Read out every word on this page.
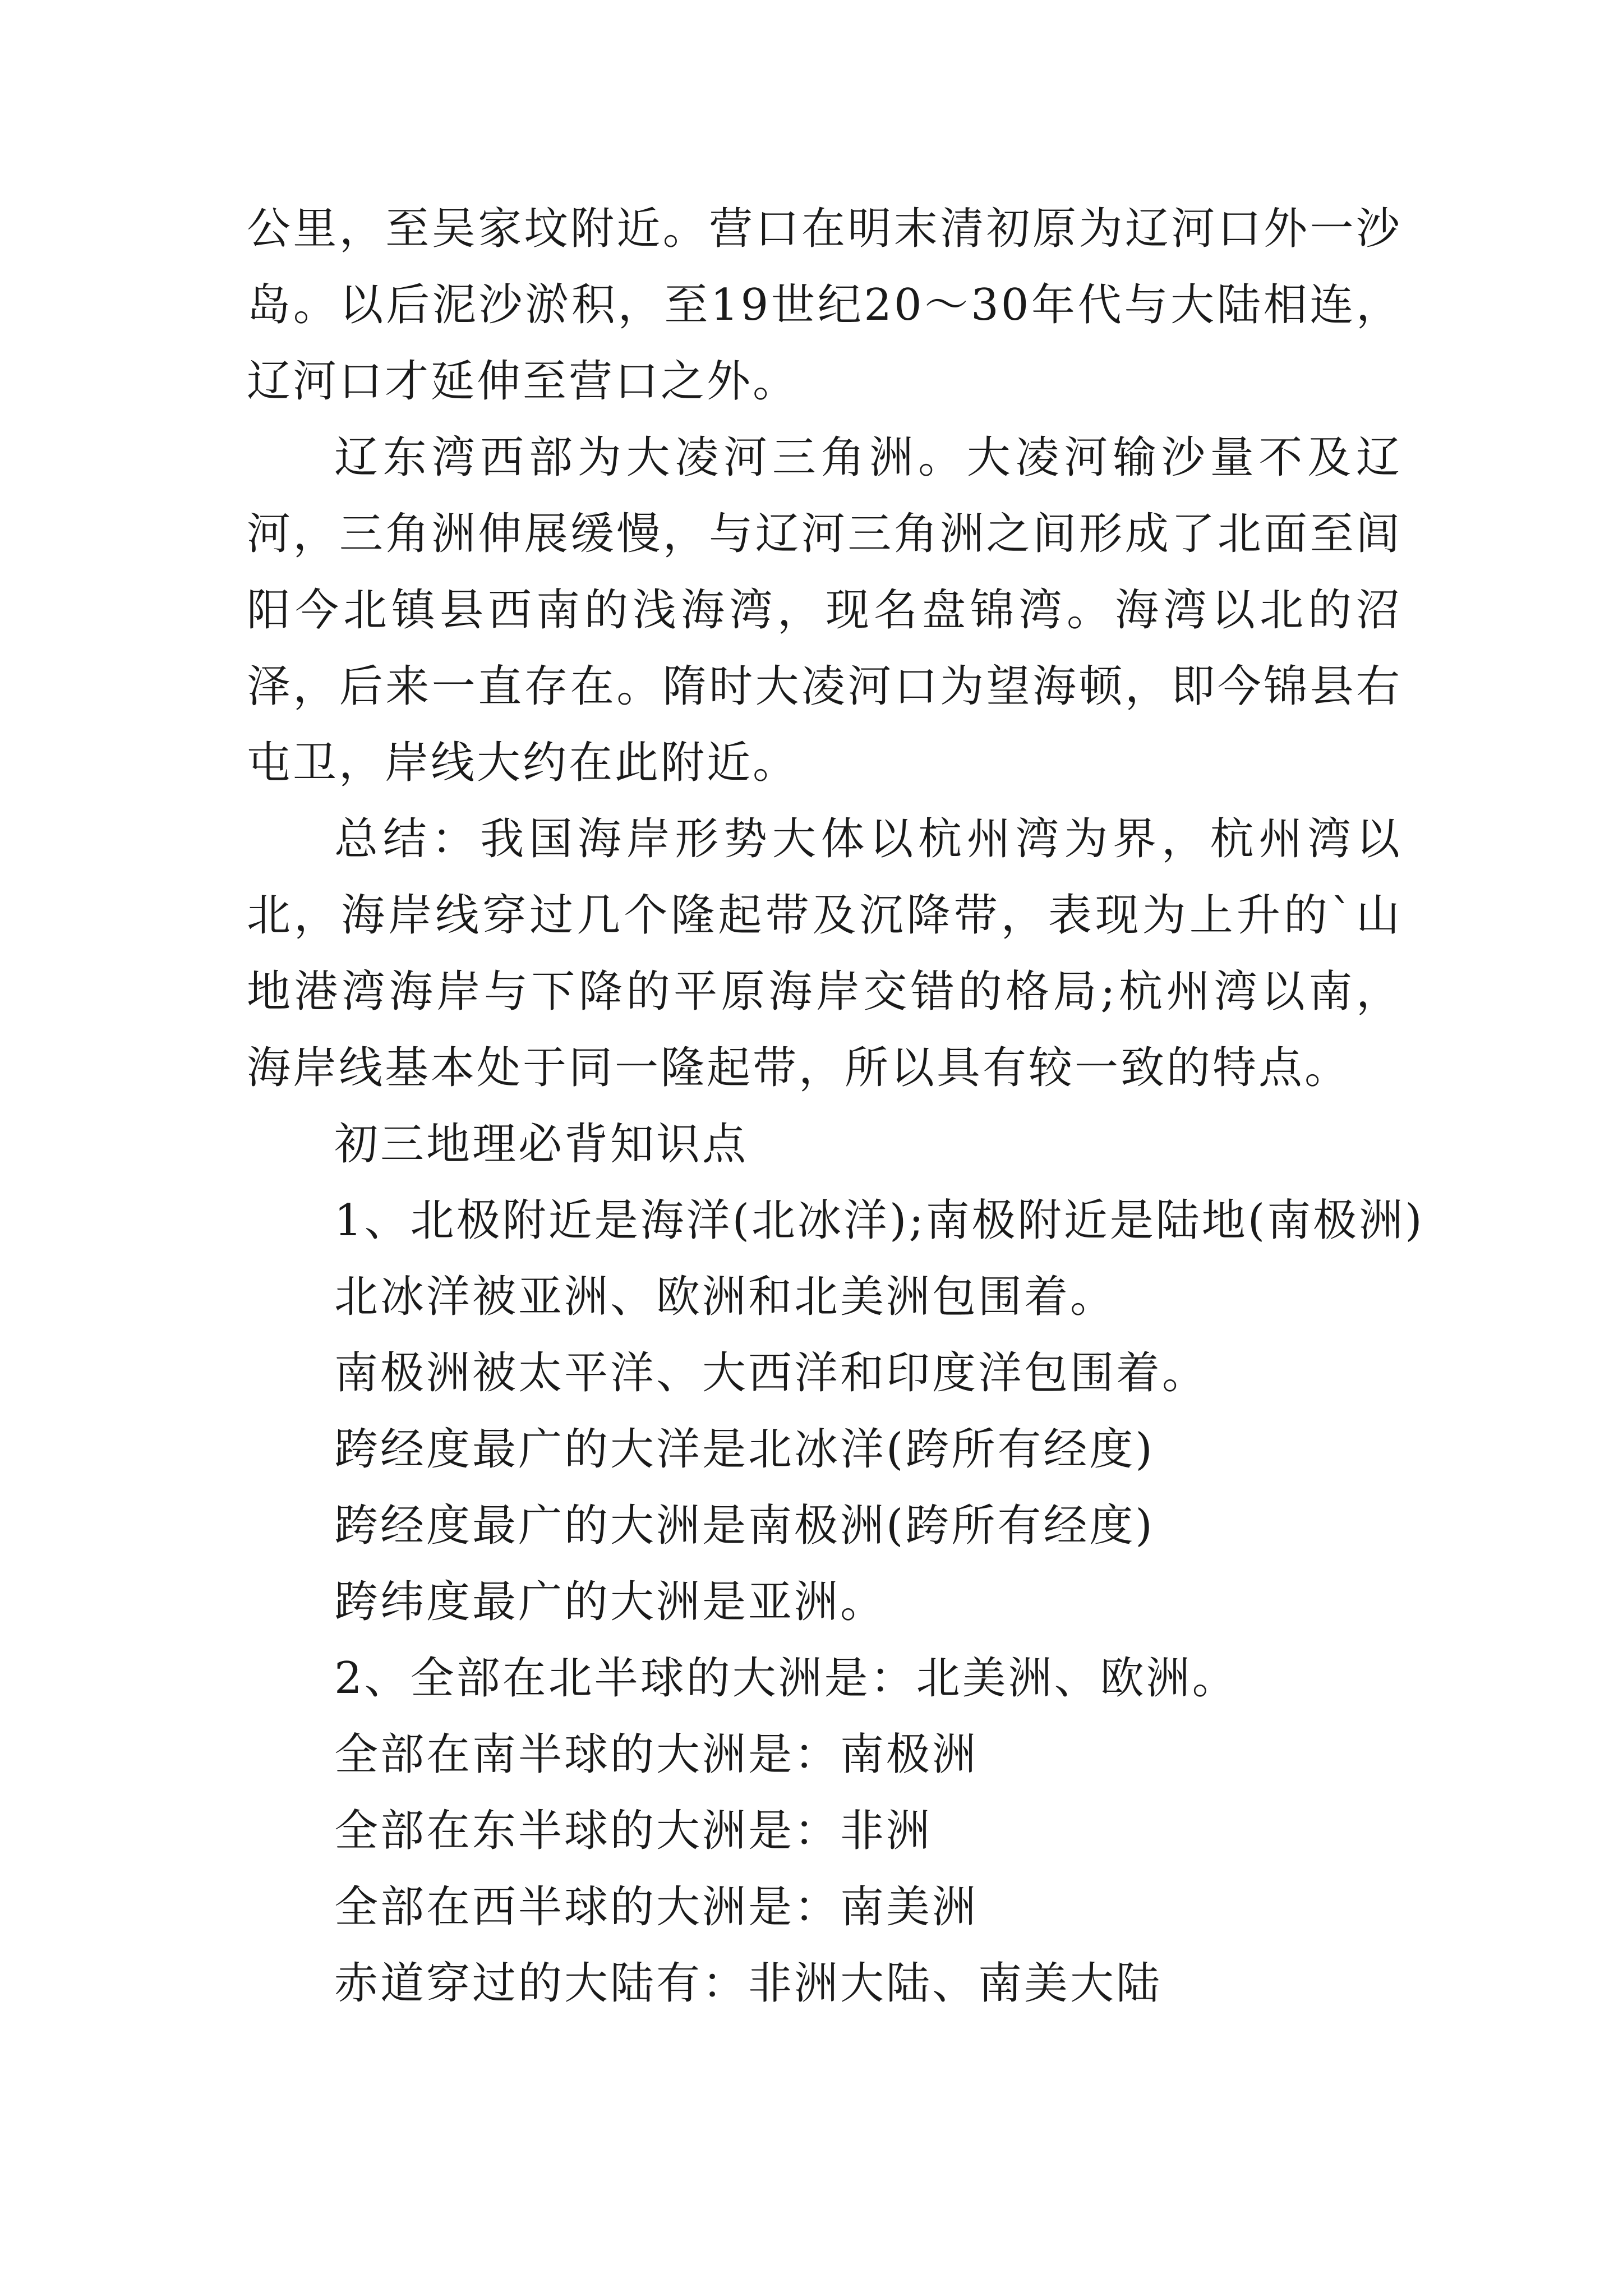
公里，至吴家坟附近。营口在明末清初原为辽河口外一沙岛。以后泥沙淤积，至19世纪20～30年代与大陆相连，辽河口才延伸至营口之外。

辽东湾西部为大凌河三角洲。大凌河输沙量不及辽河，三角洲伸展缓慢，与辽河三角洲之间形成了北面至闾阳今北镇县西南的浅海湾，现名盘锦湾。海湾以北的沼泽，后来一直存在。隋时大凌河口为望海顿，即今锦县右屯卫，岸线大约在此附近。

总结：我国海岸形势大体以杭州湾为界，杭州湾以北，海岸线穿过几个隆起带及沉降带，表现为上升的`山地港湾海岸与下降的平原海岸交错的格局;杭州湾以南，海岸线基本处于同一隆起带，所以具有较一致的特点。

初三地理必背知识点

1、北极附近是海洋(北冰洋);南极附近是陆地(南极洲)

北冰洋被亚洲、欧洲和北美洲包围着。

南极洲被太平洋、大西洋和印度洋包围着。

跨经度最广的大洋是北冰洋(跨所有经度)

跨经度最广的大洲是南极洲(跨所有经度)

跨纬度最广的大洲是亚洲。

2、全部在北半球的大洲是：北美洲、欧洲。

全部在南半球的大洲是：南极洲

全部在东半球的大洲是：非洲

全部在西半球的大洲是：南美洲

赤道穿过的大陆有：非洲大陆、南美大陆
